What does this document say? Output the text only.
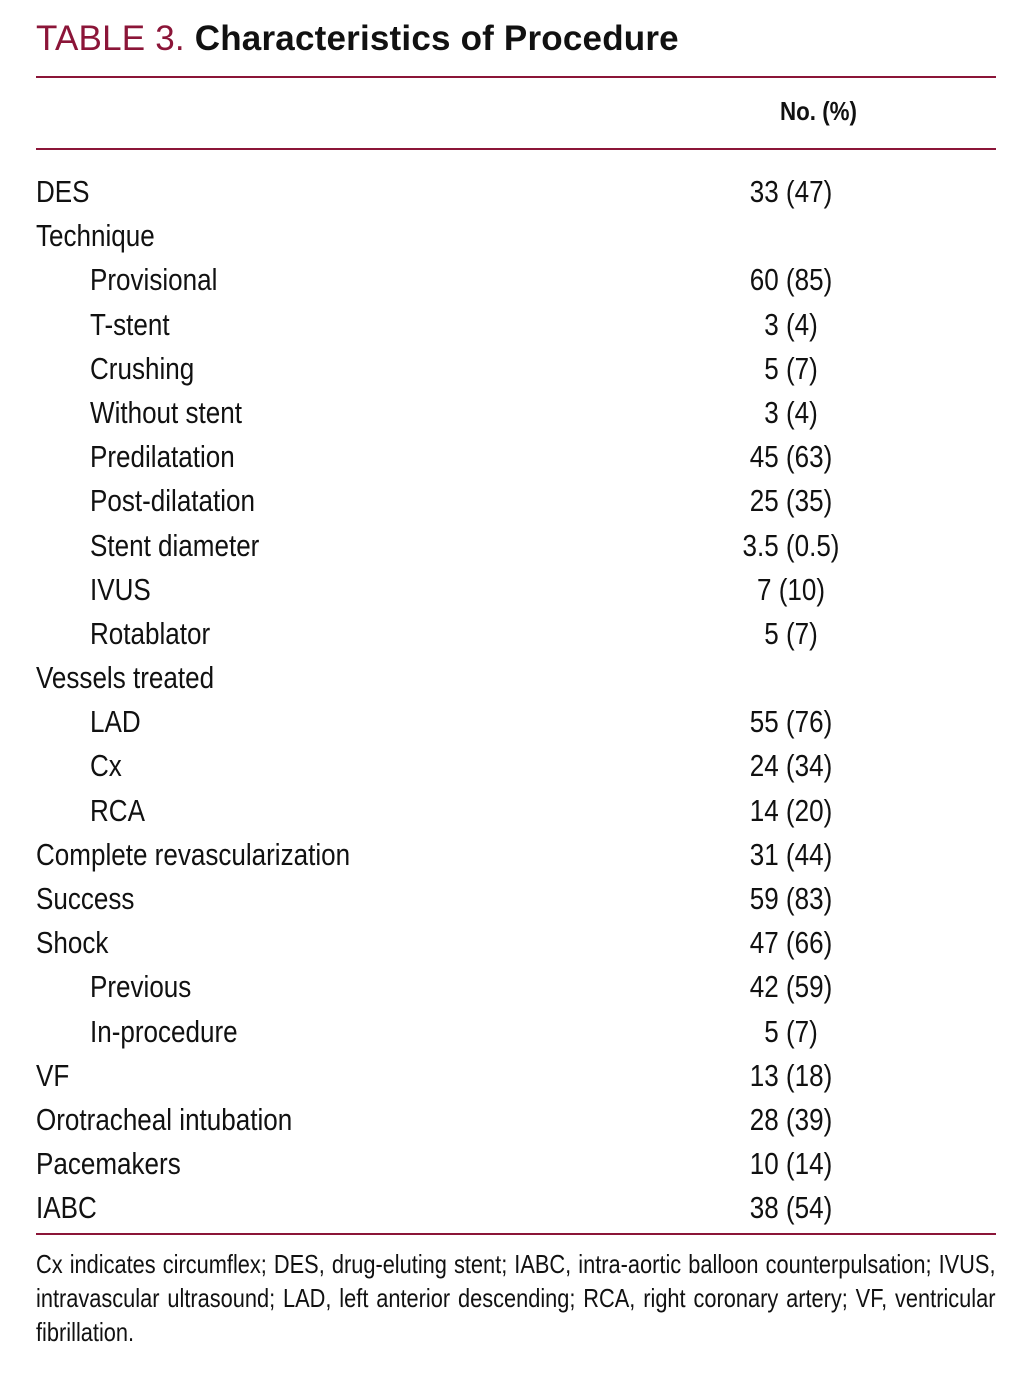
TABLE 3. Characteristics of Procedure
No. (%)
DES	33 (47)
Technique
Provisional	60 (85)
T-stent	3 (4)
Crushing	5 (7)
Without stent	3 (4)
Predilatation	45 (63)
Post-dilatation	25 (35)
Stent diameter	3.5 (0.5)
IVUS	7 (10)
Rotablator	5 (7)
Vessels treated
LAD	55 (76)
Cx	24 (34)
RCA	14 (20)
Complete revascularization	31 (44)
Success	59 (83)
Shock	47 (66)
Previous	42 (59)
In-procedure	5 (7)
VF	13 (18)
Orotracheal intubation	28 (39)
Pacemakers	10 (14)
IABC	38 (54)
Cx indicates circumflex; DES, drug-eluting stent; IABC, intra-aortic balloon counterpulsation; IVUS, intravascular ultrasound; LAD, left anterior descending; RCA, right coronary artery; VF, ventricular fibrillation.
